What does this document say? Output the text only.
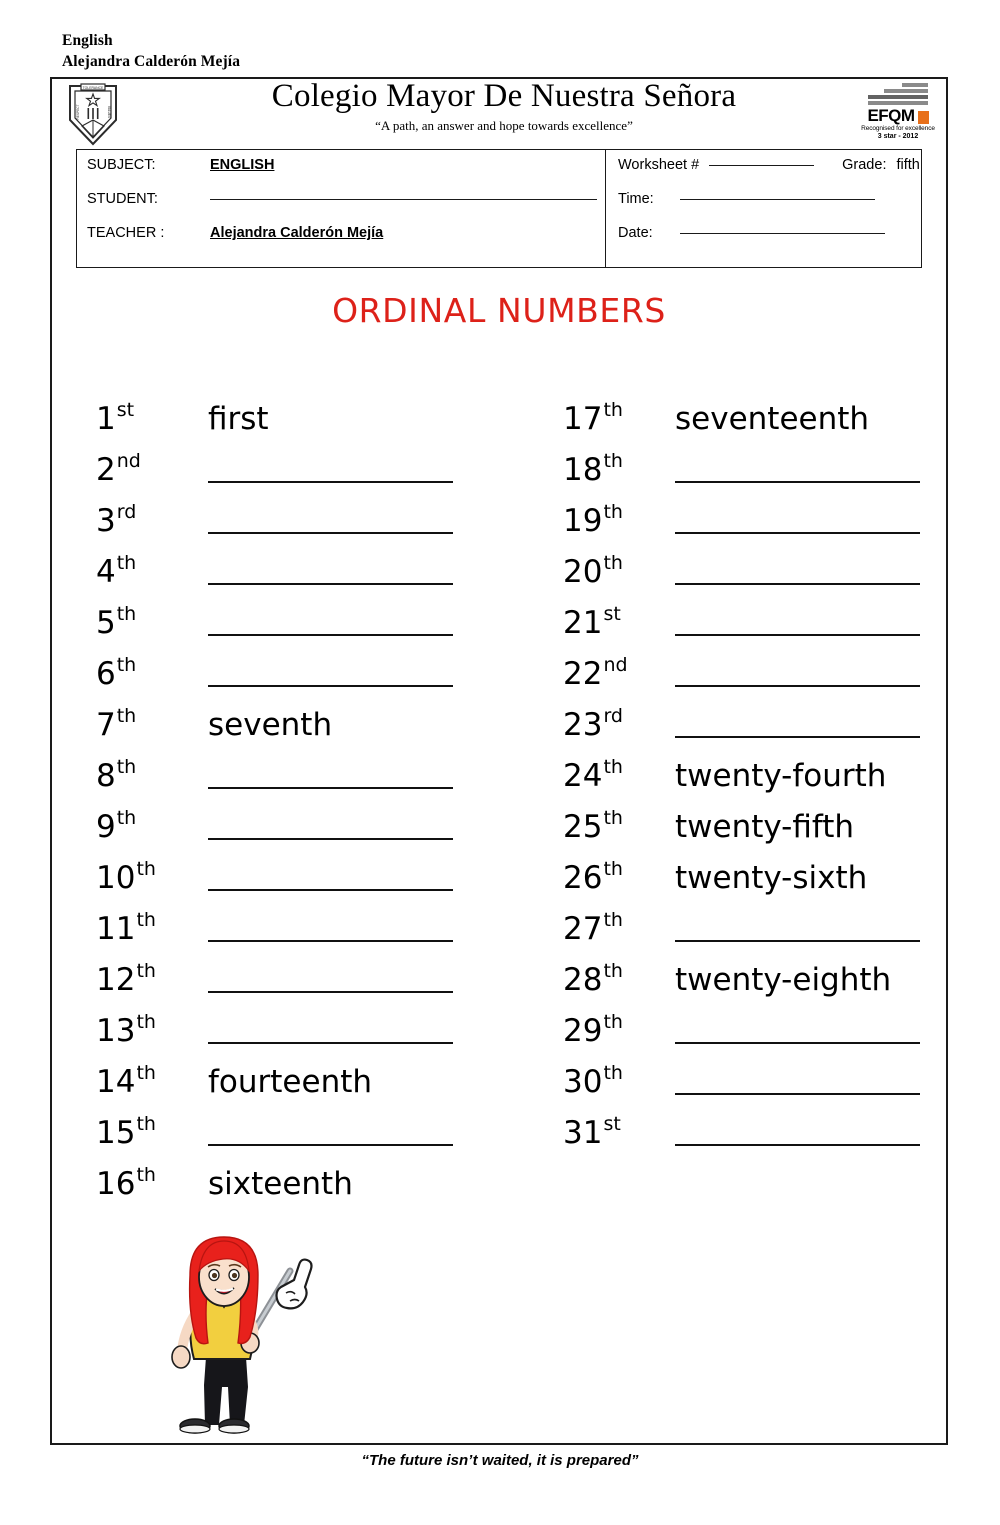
English
Alejandra Calderón Mejía
TOLERANCE
RESPECT	VALUES	Colegio Mayor De Nuestra Señora
“A path, an answer and hope towards excellence”
EFQM
Recognised for excellence
3 star - 2012
SUBJECT:	ENGLISH
STUDENT:
TEACHER :	Alejandra Calderón Mejía
Worksheet #	Grade: fifth
Time:
Date:
ORDINAL NUMBERS
1st	first
2nd
3rd
4th
5th
6th
7th	seventh
8th
9th
10th
11th
12th
13th
14th	fourteenth
15th
16th	sixteenth
17th	seventeenth
18th
19th
20th
21st
22nd
23rd
24th	twenty-fourth
25th	twenty-fifth
26th	twenty-sixth
27th
28th	twenty-eighth
29th
30th
31st
“The future isn’t waited, it is prepared”
